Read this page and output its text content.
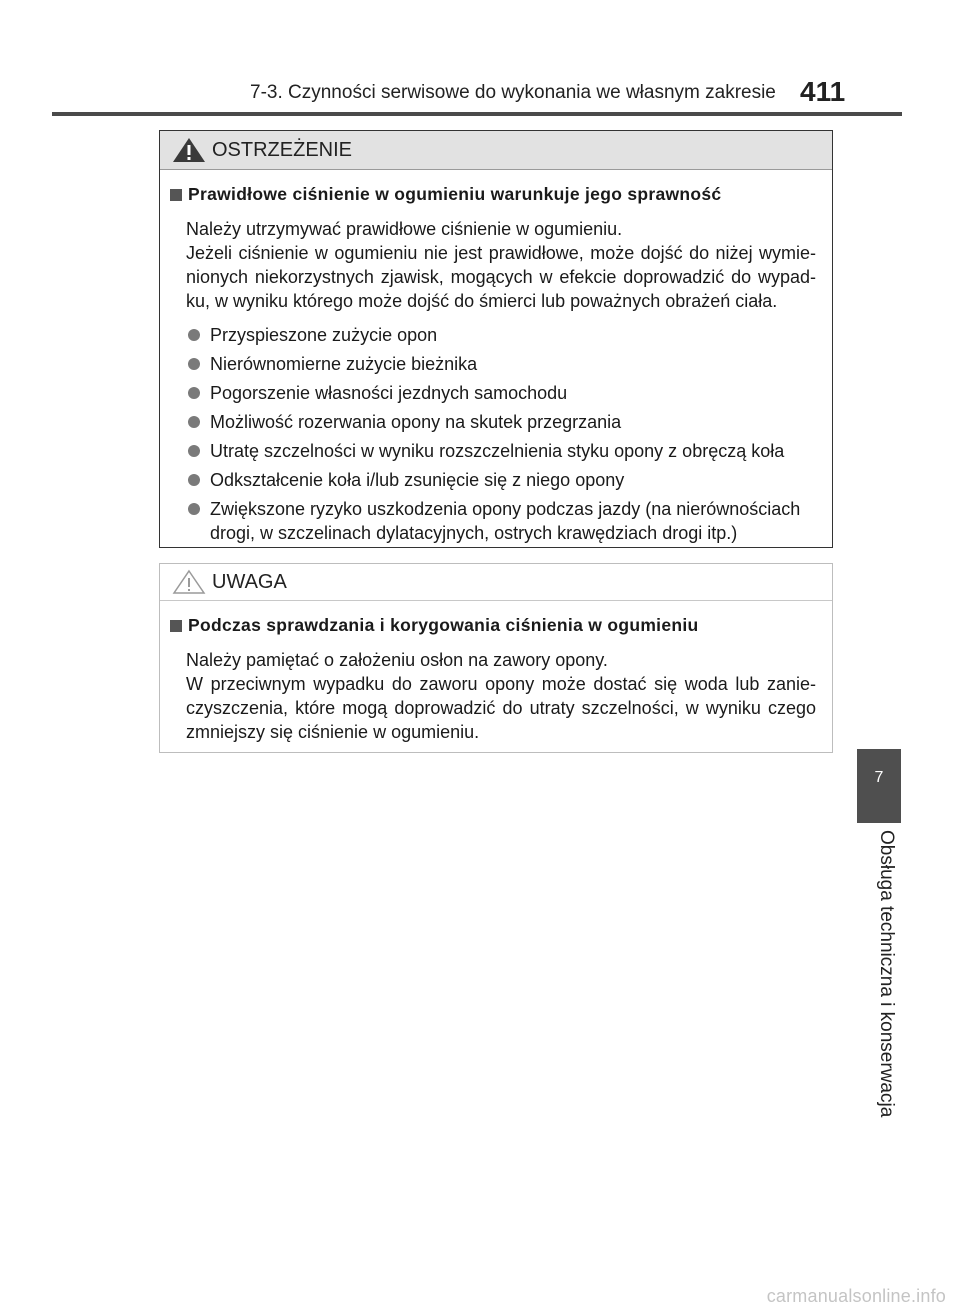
7-3. Czynności serwisowe do wykonania we własnym zakresie 411
OSTRZEŻENIE
Prawidłowe ciśnienie w ogumieniu warunkuje jego sprawność

Należy utrzymywać prawidłowe ciśnienie w ogumieniu.

Jeżeli ciśnienie w ogumieniu nie jest prawidłowe, może dojść do niżej wymie-nionych niekorzystnych zjawisk, mogących w efekcie doprowadzić do wypad-ku, w wyniku którego może dojść do śmierci lub poważnych obrażeń ciała.

Przyspieszone zużycie opon
Nierównomierne zużycie bieżnika
Pogorszenie własności jezdnych samochodu
Możliwość rozerwania opony na skutek przegrzania
Utratę szczelności w wyniku rozszczelnienia styku opony z obręczą koła
Odkształcenie koła i/lub zsunięcie się z niego opony
Zwiększone ryzyko uszkodzenia opony podczas jazdy (na nierównościach drogi, w szczelinach dylatacyjnych, ostrych krawędziach drogi itp.)
UWAGA
Podczas sprawdzania i korygowania ciśnienia w ogumieniu

Należy pamiętać o założeniu osłon na zawory opony.

W przeciwnym wypadku do zaworu opony może dostać się woda lub zanie-czyszczenia, które mogą doprowadzić do utraty szczelności, w wyniku czego zmniejszy się ciśnienie w ogumieniu.

7
Obsługa techniczna i konserwacja
carmanualsonline.info
